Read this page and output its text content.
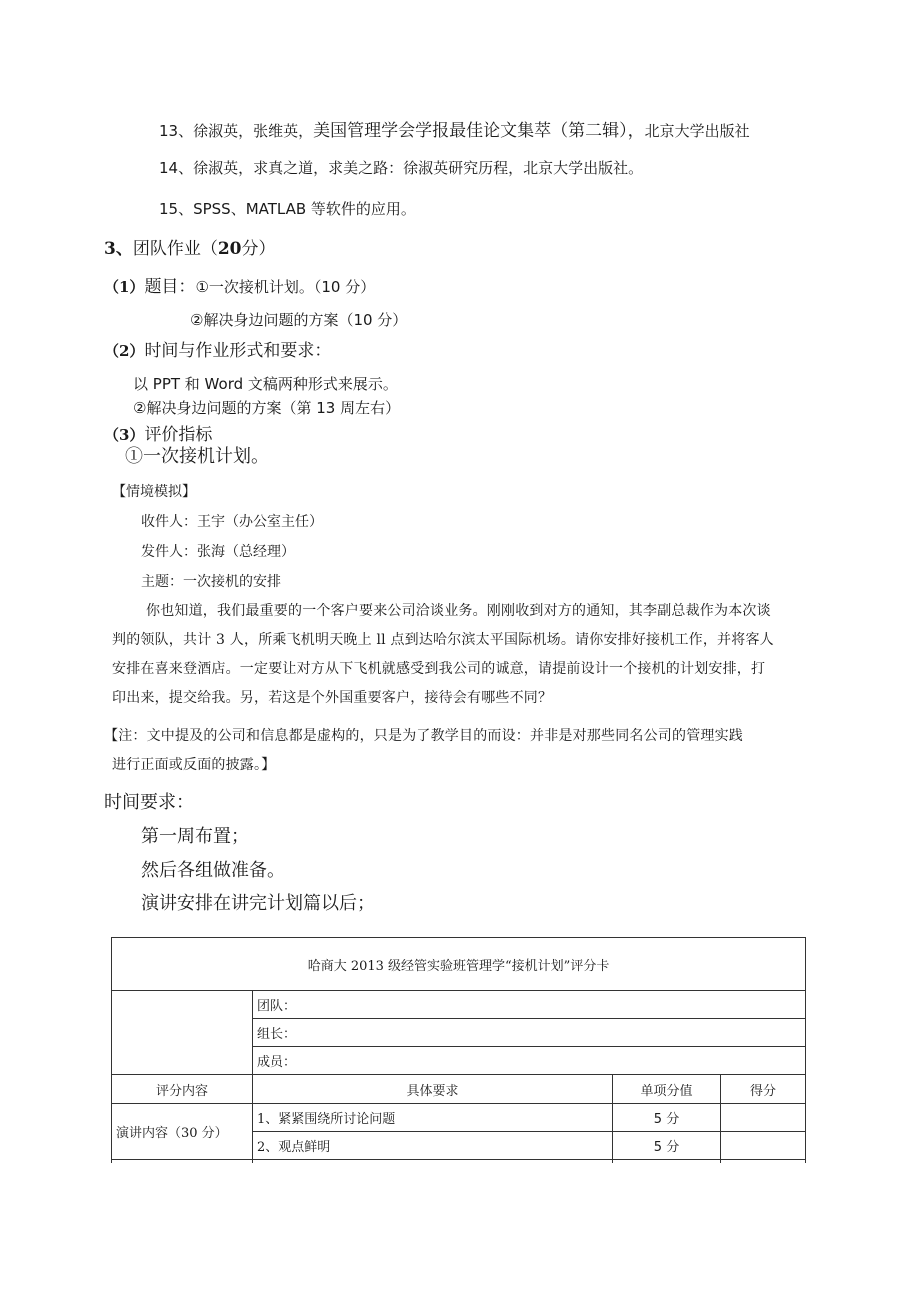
13、徐淑英，张维英，美国管理学会学报最佳论文集萃（第二辑），北京大学出版社
14、徐淑英，求真之道，求美之路：徐淑英研究历程，北京大学出版社。
15、SPSS、MATLAB 等软件的应用。
3、团队作业（20分）
（1）题目：①一次接机计划。（10 分）
②解决身边问题的方案（10 分）
（2）时间与作业形式和要求：
以 PPT 和 Word 文稿两种形式来展示。
②解决身边问题的方案（第 13 周左右）
（3）评价指标
①一次接机计划。
【情境模拟】
收件人：王宇（办公室主任）
发件人：张海（总经理）
主题：一次接机的安排
你也知道，我们最重要的一个客户要来公司洽谈业务。刚刚收到对方的通知，其李副总裁作为本次谈
判的领队，共计 3 人，所乘飞机明天晚上 ll 点到达哈尔滨太平国际机场。请你安排好接机工作，并将客人
安排在喜来登酒店。一定要让对方从下飞机就感受到我公司的诚意，请提前设计一个接机的计划安排，打
印出来，提交给我。另，若这是个外国重要客户，接待会有哪些不同？
【注：文中提及的公司和信息都是虚构的，只是为了教学目的而设：并非是对那些同名公司的管理实践
进行正面或反面的披露。】
时间要求：
第一周布置；
然后各组做准备。
演讲安排在讲完计划篇以后；
哈商大 2013 级经管实验班管理学“接机计划”评分卡			
	团队：		
	组长：		
	成员：		
评分内容	具体要求	单项分值	得分
演讲内容（30 分）	1、紧紧围绕所讨论问题	5 分	
	2、观点鲜明	5 分	
